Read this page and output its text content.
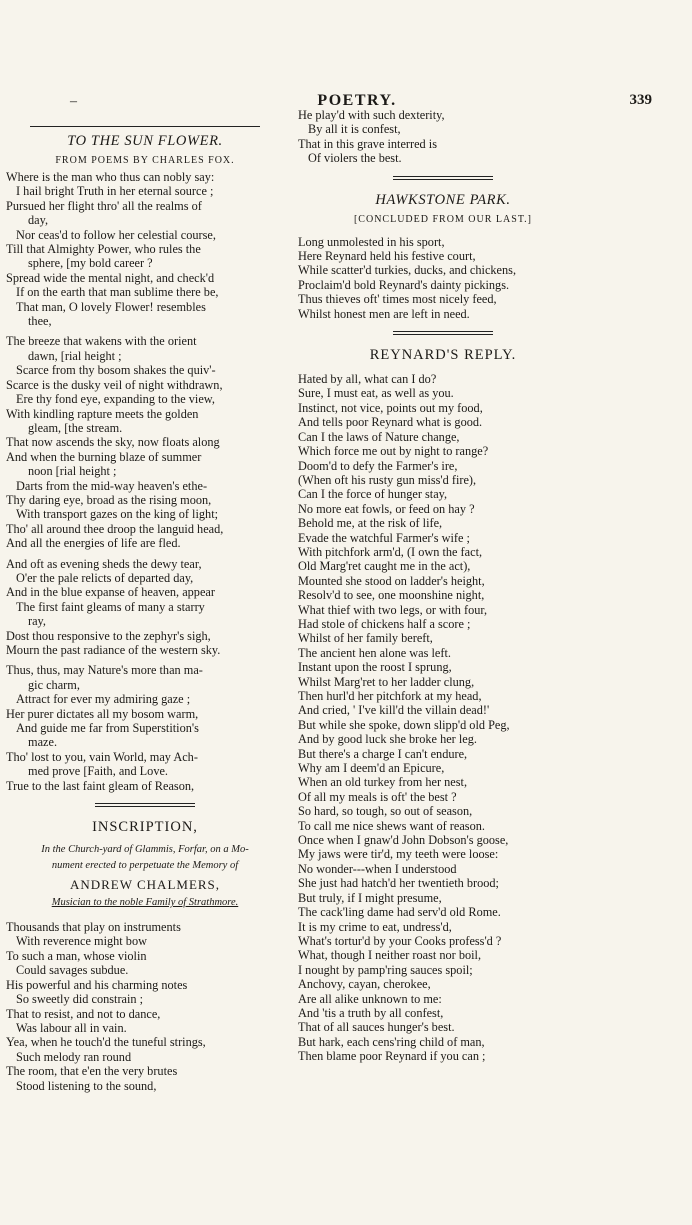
–	POETRY.	339
TO THE SUN FLOWER.
FROM POEMS BY CHARLES FOX.
Where is the man who thus can nobly say:
I hail bright Truth in her eternal source ;
Pursued her flight thro' all the realms of
day,
Nor ceas'd to follow her celestial course,
Till that Almighty Power, who rules the
sphere, [my bold career ?
Spread wide the mental night, and check'd
If on the earth that man sublime there be,
That man, O lovely Flower! resembles
thee,
The breeze that wakens with the orient
dawn, [rial height ;
Scarce from thy bosom shakes the quiv'-
Scarce is the dusky veil of night withdrawn,
Ere thy fond eye, expanding to the view,
With kindling rapture meets the golden
gleam, [the stream.
That now ascends the sky, now floats along
And when the burning blaze of summer
noon [rial height ;
Darts from the mid-way heaven's ethe-
Thy daring eye, broad as the rising moon,
With transport gazes on the king of light;
Tho' all around thee droop the languid head,
And all the energies of life are fled.
And oft as evening sheds the dewy tear,
O'er the pale relicts of departed day,
And in the blue expanse of heaven, appear
The first faint gleams of many a starry
ray,
Dost thou responsive to the zephyr's sigh,
Mourn the past radiance of the western sky.
Thus, thus, may Nature's more than ma-
gic charm,
Attract for ever my admiring gaze ;
Her purer dictates all my bosom warm,
And guide me far from Superstition's
maze.
Tho' lost to you, vain World, may Ach-
med prove [Faith, and Love.
True to the last faint gleam of Reason,
INSCRIPTION,
In the Church-yard of Glammis, Forfar, on a Mo-
nument erected to perpetuate the Memory of
ANDREW CHALMERS,
Musician to the noble Family of Strathmore.
Thousands that play on instruments
With reverence might bow
To such a man, whose violin
Could savages subdue.
His powerful and his charming notes
So sweetly did constrain ;
That to resist, and not to dance,
Was labour all in vain.
Yea, when he touch'd the tuneful strings,
Such melody ran round
The room, that e'en the very brutes
Stood listening to the sound,
He play'd with such dexterity,
By all it is confest,
That in this grave interred is
Of violers the best.
HAWKSTONE PARK.
[CONCLUDED FROM OUR LAST.]
Long unmolested in his sport,
Here Reynard held his festive court,
While scatter'd turkies, ducks, and chickens,
Proclaim'd bold Reynard's dainty pickings.
Thus thieves oft' times most nicely feed,
Whilst honest men are left in need.
REYNARD'S REPLY.
Hated by all, what can I do?
Sure, I must eat, as well as you.
Instinct, not vice, points out my food,
And tells poor Reynard what is good.
Can I the laws of Nature change,
Which force me out by night to range?
Doom'd to defy the Farmer's ire,
(When oft his rusty gun miss'd fire),
Can I the force of hunger stay,
No more eat fowls, or feed on hay ?
Behold me, at the risk of life,
Evade the watchful Farmer's wife ;
With pitchfork arm'd, (I own the fact,
Old Marg'ret caught me in the act),
Mounted she stood on ladder's height,
Resolv'd to see, one moonshine night,
What thief with two legs, or with four,
Had stole of chickens half a score ;
Whilst of her family bereft,
The ancient hen alone was left.
Instant upon the roost I sprung,
Whilst Marg'ret to her ladder clung,
Then hurl'd her pitchfork at my head,
And cried, ' I've kill'd the villain dead!'
But while she spoke, down slipp'd old Peg,
And by good luck she broke her leg.
But there's a charge I can't endure,
Why am I deem'd an Epicure,
When an old turkey from her nest,
Of all my meals is oft' the best ?
So hard, so tough, so out of season,
To call me nice shews want of reason.
Once when I gnaw'd John Dobson's goose,
My jaws were tir'd, my teeth were loose:
No wonder---when I understood
She just had hatch'd her twentieth brood;
But truly, if I might presume,
The cack'ling dame had serv'd old Rome.
It is my crime to eat, undress'd,
What's tortur'd by your Cooks profess'd ?
What, though I neither roast nor boil,
I nought by pamp'ring sauces spoil;
Anchovy, cayan, cherokee,
Are all alike unknown to me:
And 'tis a truth by all confest,
That of all sauces hunger's best.
But hark, each cens'ring child of man,
Then blame poor Reynard if you can ;
